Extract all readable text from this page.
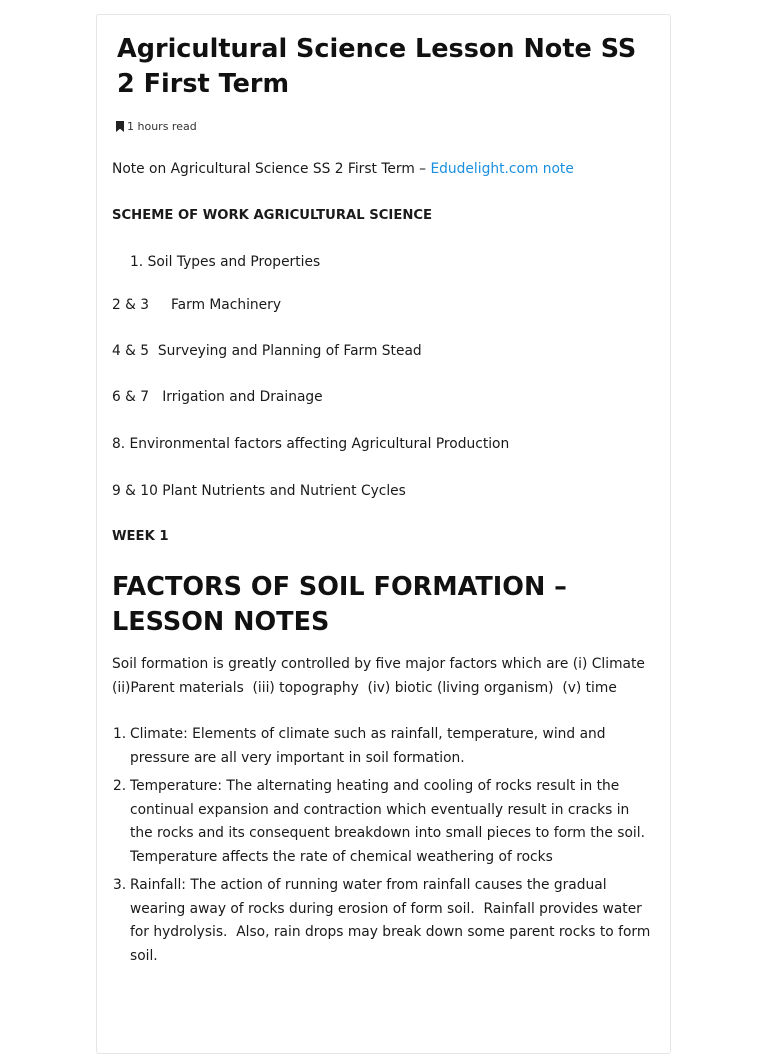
Agricultural Science Lesson Note SS 2 First Term
1 hours read

Note on Agricultural Science SS 2 First Term – Edudelight.com note

SCHEME OF WORK AGRICULTURAL SCIENCE

1. Soil Types and Properties

2 & 3     Farm Machinery

4 & 5  Surveying and Planning of Farm Stead

6 & 7   Irrigation and Drainage

8. Environmental factors affecting Agricultural Production

9 & 10 Plant Nutrients and Nutrient Cycles

WEEK 1

FACTORS OF SOIL FORMATION – LESSON NOTES

Soil formation is greatly controlled by five major factors which are (i) Climate (ii)Parent materials  (iii) topography  (iv) biotic (living organism)  (v) time

1. Climate: Elements of climate such as rainfall, temperature, wind and pressure are all very important in soil formation.
2. Temperature: The alternating heating and cooling of rocks result in the continual expansion and contraction which eventually result in cracks in the rocks and its consequent breakdown into small pieces to form the soil. Temperature affects the rate of chemical weathering of rocks
3. Rainfall: The action of running water from rainfall causes the gradual wearing away of rocks during erosion of form soil.  Rainfall provides water for hydrolysis.  Also, rain drops may break down some parent rocks to form soil.
